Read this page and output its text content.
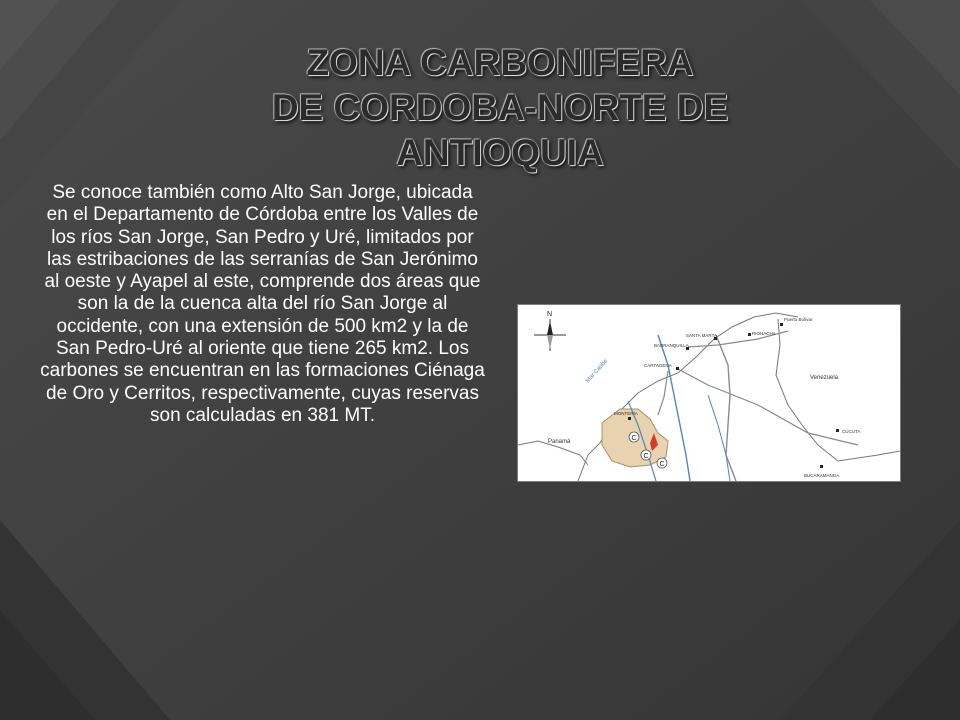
ZONA CARBONIFERA
DE CORDOBA-NORTE DE
ANTIOQUIA
Se conoce también como Alto San Jorge, ubicada en el Departamento de Córdoba entre los Valles de los ríos San Jorge, San Pedro y Uré, limitados por las estribaciones de las serranías de San Jerónimo al oeste y Ayapel al este, comprende dos áreas que son la de la cuenca alta del río San Jorge al occidente, con una extensión de 500 km2 y la de San Pedro-Uré al oriente que tiene 265 km2. Los carbones se encuentran en las formaciones Ciénaga de Oro y Cerritos, respectivamente, cuyas reservas son calculadas en 381 MT.
N
C
C
C
Puerto Bolívar
RIOHACHA
SANTA MARTA
BARRANQUILLA
CARTAGENA
MONTERÍA
CÚCUTA
BUCARAMANGA
Venezuela
Panamá
Mar Caribe
